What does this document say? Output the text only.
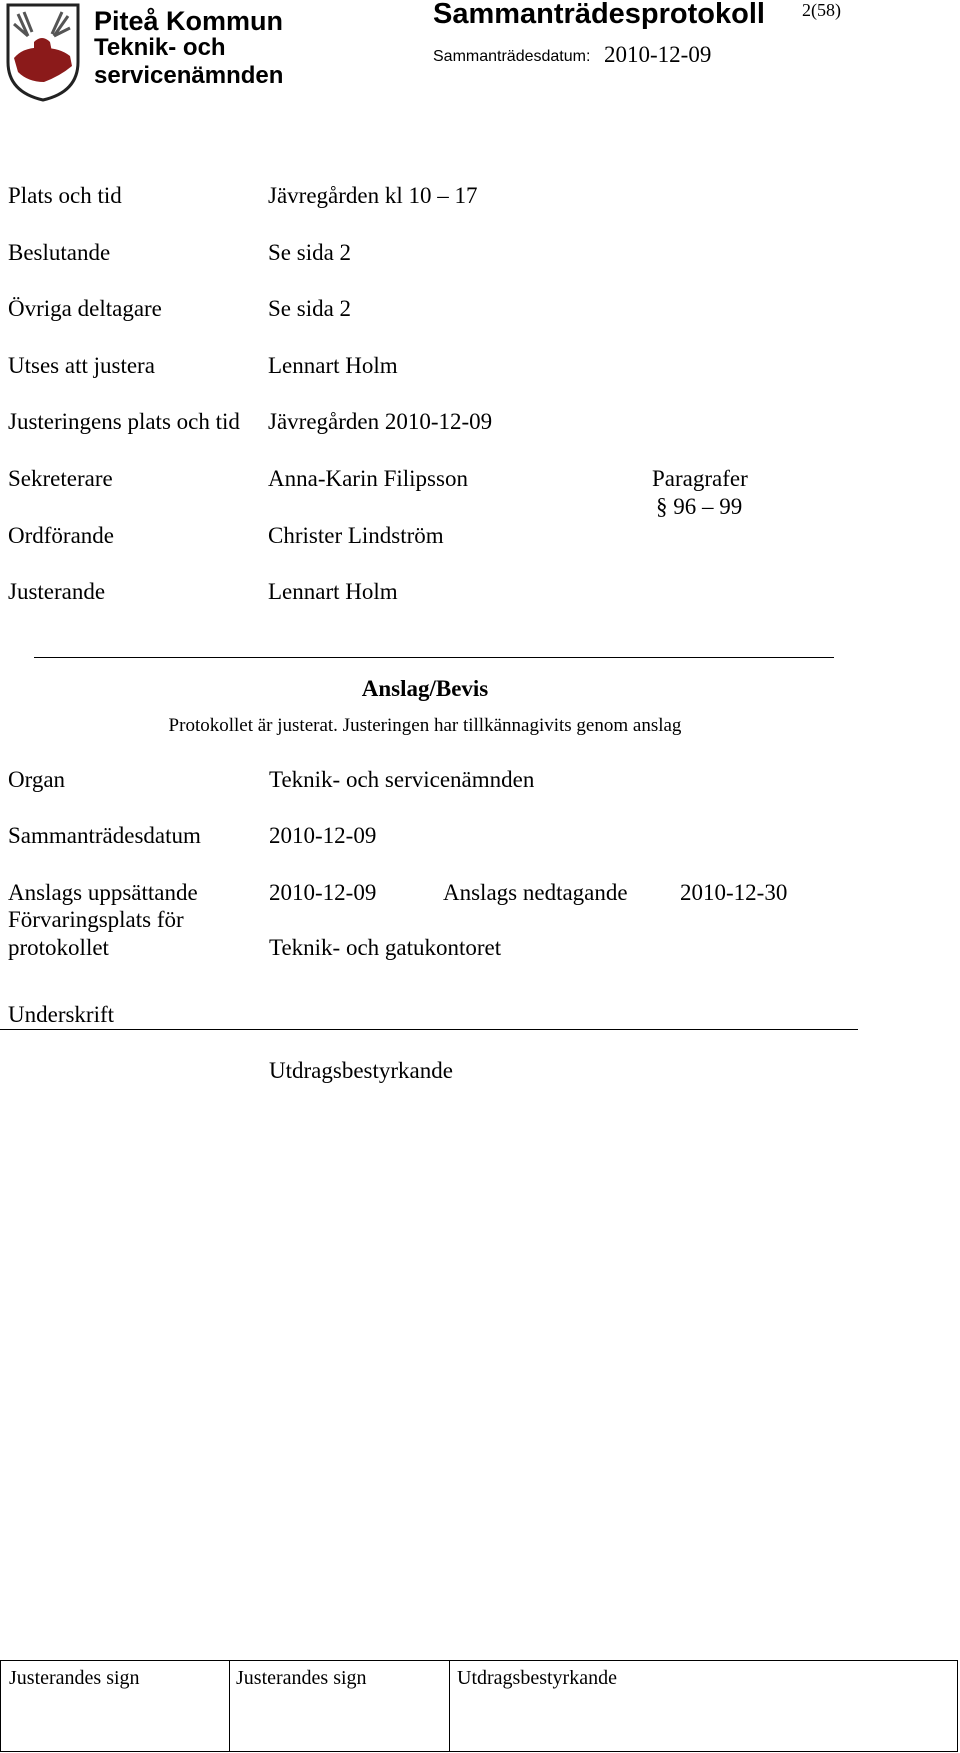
Piteå Kommun
Teknik- och
servicenämnden
Sammanträdesprotokoll
Sammanträdesdatum: 2010-12-09
2(58)
Plats och tid	Jävregården kl 10 – 17
Beslutande	Se sida 2
Övriga deltagare	Se sida 2
Utses att justera	Lennart Holm
Justeringens plats och tid Jävregården 2010-12-09
Sekreterare	Anna-Karin Filipsson	Paragrafer
§ 96 – 99
Ordförande	Christer Lindström
Justerande	Lennart Holm
Anslag/Bevis
Protokollet är justerat. Justeringen har tillkännagivits genom anslag
Organ	Teknik- och servicenämnden
Sammanträdesdatum	2010-12-09
Anslags uppsättande	2010-12-09	Anslags nedtagande 2010-12-30
Förvaringsplats för
protokollet	Teknik- och gatukontoret
Underskrift
Utdragsbestyrkande
Justerandes sign	Justerandes sign	Utdragsbestyrkande
